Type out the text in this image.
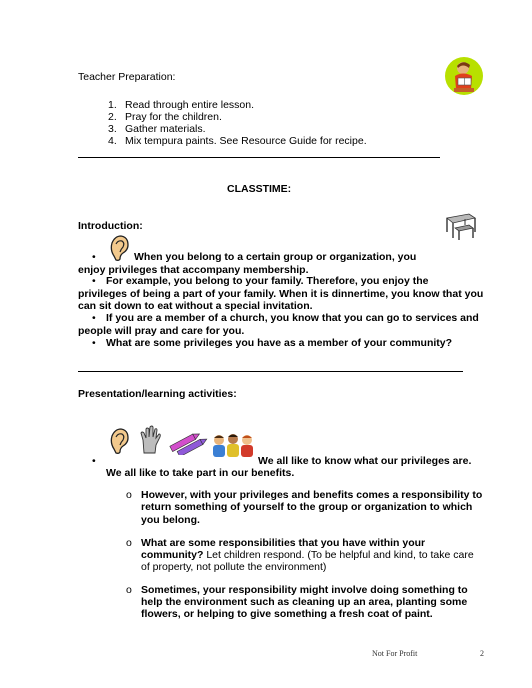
Teacher Preparation:
1. Read through entire lesson.
2. Pray for the children.
3. Gather materials.
4. Mix tempura paints. See Resource Guide for recipe.
CLASSTIME:
Introduction:
•	When you belong to a certain group or organization, you
enjoy privileges that accompany membership.
• For example, you belong to your family. Therefore, you enjoy the
privileges of being a part of your family. When it is dinnertime, you know that you
can sit down to eat without a special invitation.
• If you are a member of a church, you know that you can go to services and
people will pray and care for you.
• What are some privileges you have as a member of your community?
Presentation/learning activities:
•	We all like to know what our privileges are.
We all like to take part in our benefits.
o However, with your privileges and benefits comes a responsibility to
return something of yourself to the group or organization to which
you belong.
o What are some responsibilities that you have within your
community? Let children respond. (To be helpful and kind, to take care
of property, not pollute the environment)
o Sometimes, your responsibility might involve doing something to
help the environment such as cleaning up an area, planting some
flowers, or helping to give something a fresh coat of paint.
Not For Profit	2
